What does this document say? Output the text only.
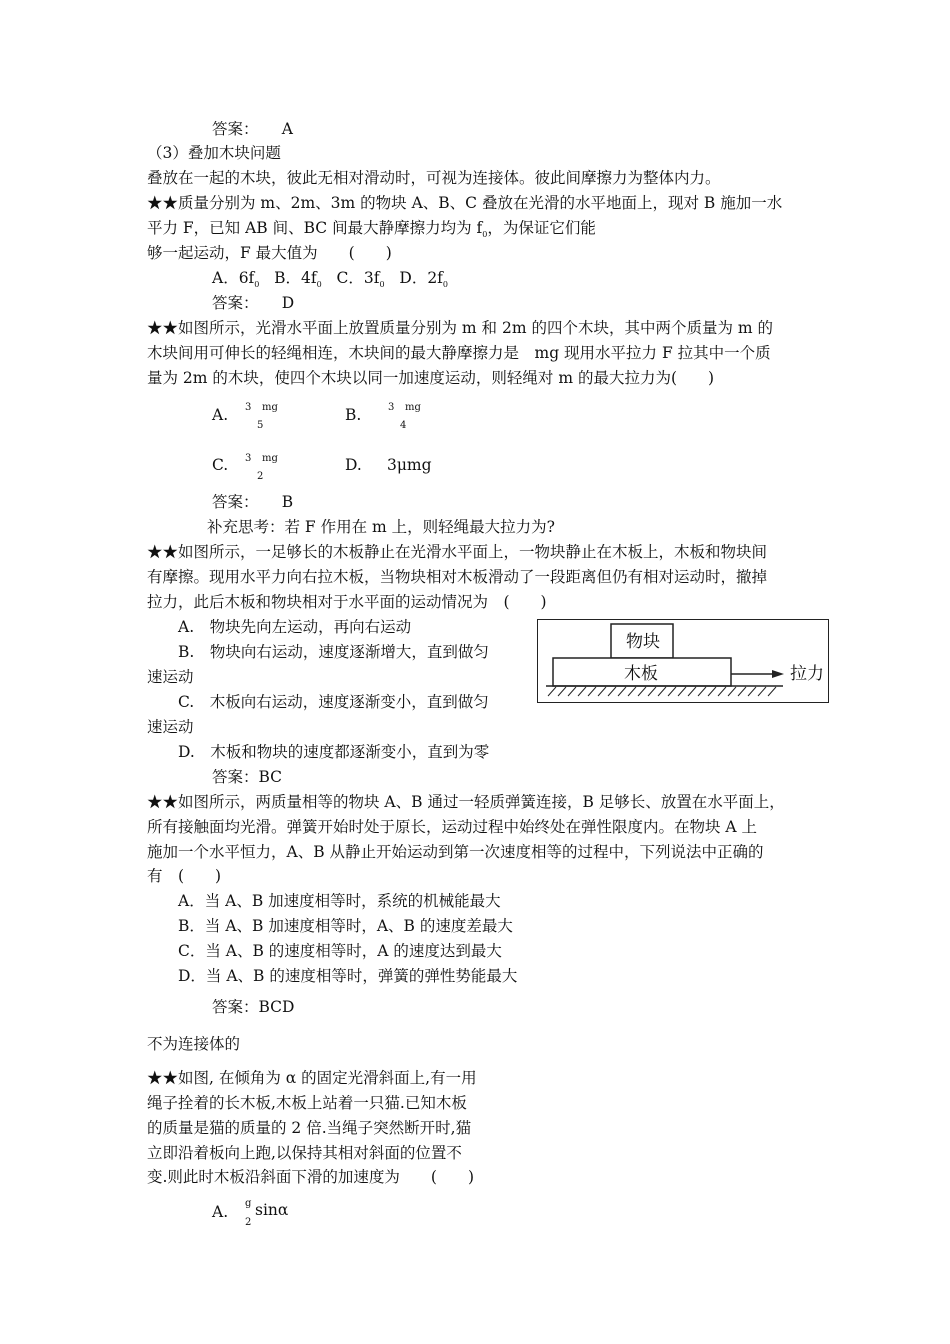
答案：　　A
（3）叠加木块问题
叠放在一起的木块，彼此无相对滑动时，可视为连接体。彼此间摩擦力为整体内力。
★★质量分别为 m、2m、3m 的物块 A、B、C 叠放在光滑的水平地面上，现对 B 施加一水
平力 F，已知 AB 间、BC 间最大静摩擦力均为 $f_0$，为保证它们能
够一起运动，F 最大值为　　(　　)
A．$6f_0$ B．$4f_0$ C．$3f_0$ D．$2f_0$
答案：　　D
★★如图所示，光滑水平面上放置质量分别为 m 和 2m 的四个木块，其中两个质量为 m 的
木块间用可伸长的轻绳相连，木块间的最大静摩擦力是　mg 现用水平拉力 F 拉其中一个质
量为 2m 的木块，使四个木块以同一加速度运动，则轻绳对 m 的最大拉力为(　　)
A. 3 mg
5
B.	3 mg
4
C. 3 mg
2
D. 3μmg
答案：　　B
补充思考：若 F 作用在 m 上，则轻绳最大拉力为?
★★如图所示，一足够长的木板静止在光滑水平面上，一物块静止在木板上，木板和物块间
有摩擦。现用水平力向右拉木板，当物块相对木板滑动了一段距离但仍有相对运动时，撤掉
拉力，此后木板和物块相对于水平面的运动情况为　(　　)
A.　物块先向左运动，再向右运动
B.　物块向右运动，速度逐渐增大，直到做匀
速运动
C.　木板向右运动，速度逐渐变小，直到做匀
速运动
D.　木板和物块的速度都逐渐变小，直到为零
物块
木板	拉力
答案：BC
★★如图所示，两质量相等的物块 A、B 通过一轻质弹簧连接，B 足够长、放置在水平面上，
所有接触面均光滑。弹簧开始时处于原长，运动过程中始终处在弹性限度内。在物块 A 上
施加一个水平恒力，A、B 从静止开始运动到第一次速度相等的过程中，下列说法中正确的
有　(　　)
A．当 A、B 加速度相等时，系统的机械能最大
B．当 A、B 加速度相等时，A、B 的速度差最大
C．当 A、B 的速度相等时，A 的速度达到最大
D．当 A、B 的速度相等时，弹簧的弹性势能最大
答案：BCD
不为连接体的
★★如图, 在倾角为 α 的固定光滑斜面上,有一用
绳子拴着的长木板,木板上站着一只猫.已知木板
的质量是猫的质量的 2 倍.当绳子突然断开时,猫
立即沿着板向上跑,以保持其相对斜面的位置不
变.则此时木板沿斜面下滑的加速度为　　(　　)
A. g
2
sinα
